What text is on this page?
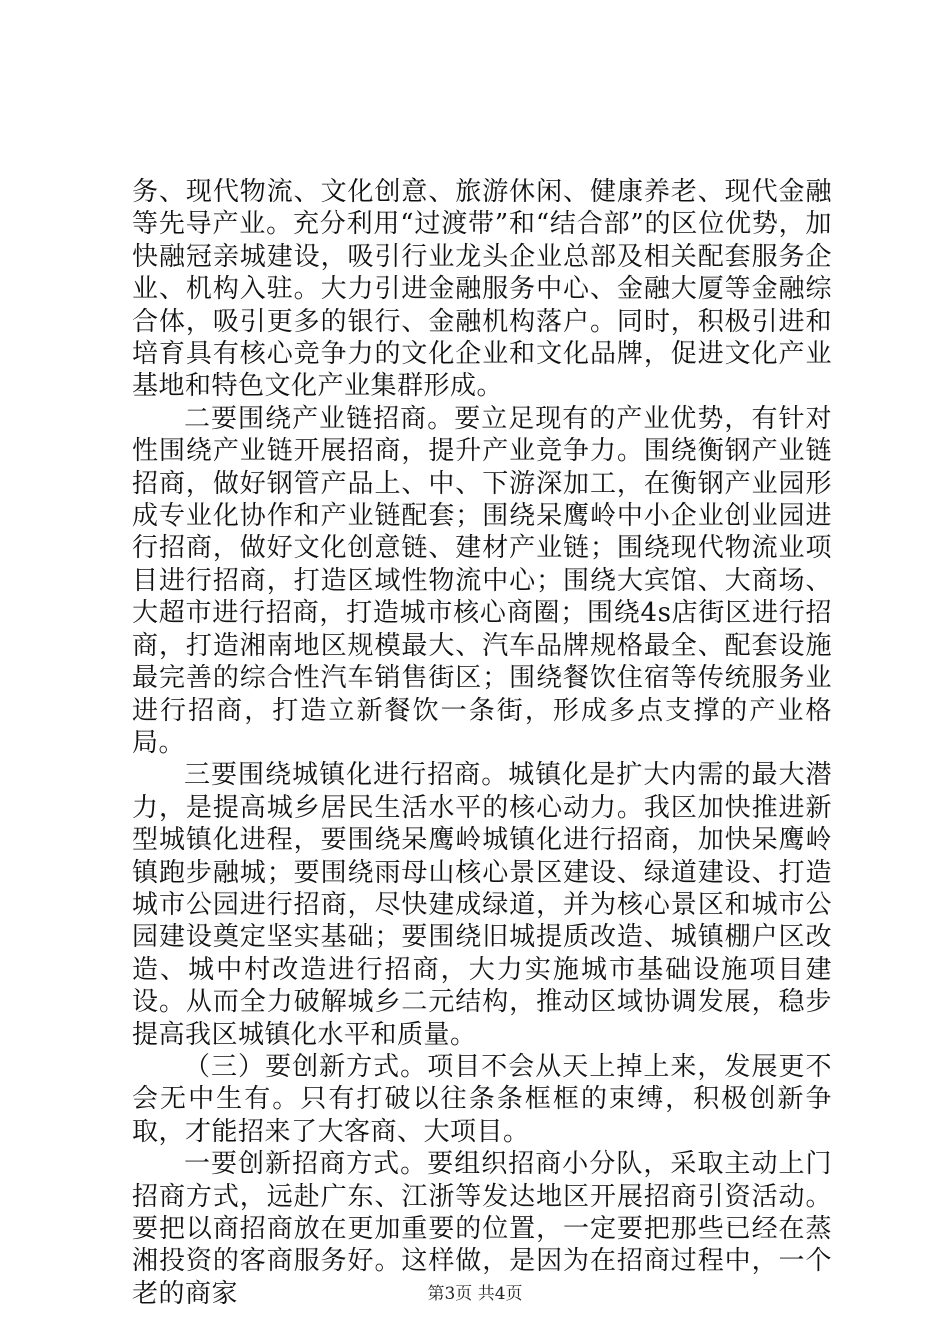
务、现代物流、文化创意、旅游休闲、健康养老、现代金融等先导产业。充分利用“过渡带”和“结合部”的区位优势，加快融冠亲城建设，吸引行业龙头企业总部及相关配套服务企业、机构入驻。大力引进金融服务中心、金融大厦等金融综合体，吸引更多的银行、金融机构落户。同时，积极引进和培育具有核心竞争力的文化企业和文化品牌，促进文化产业基地和特色文化产业集群形成。

二要围绕产业链招商。要立足现有的产业优势，有针对性围绕产业链开展招商，提升产业竞争力。围绕衡钢产业链招商，做好钢管产品上、中、下游深加工，在衡钢产业园形成专业化协作和产业链配套；围绕呆鹰岭中小企业创业园进行招商，做好文化创意链、建材产业链；围绕现代物流业项目进行招商，打造区域性物流中心；围绕大宾馆、大商场、大超市进行招商，打造城市核心商圈；围绕4s店街区进行招商，打造湘南地区规模最大、汽车品牌规格最全、配套设施最完善的综合性汽车销售街区；围绕餐饮住宿等传统服务业进行招商，打造立新餐饮一条街，形成多点支撑的产业格局。

三要围绕城镇化进行招商。城镇化是扩大内需的最大潜力，是提高城乡居民生活水平的核心动力。我区加快推进新型城镇化进程，要围绕呆鹰岭城镇化进行招商，加快呆鹰岭镇跑步融城；要围绕雨母山核心景区建设、绿道建设、打造城市公园进行招商，尽快建成绿道，并为核心景区和城市公园建设奠定坚实基础；要围绕旧城提质改造、城镇棚户区改造、城中村改造进行招商，大力实施城市基础设施项目建设。从而全力破解城乡二元结构，推动区域协调发展，稳步提高我区城镇化水平和质量。

（三）要创新方式。项目不会从天上掉上来，发展更不会无中生有。只有打破以往条条框框的束缚，积极创新争取，才能招来了大客商、大项目。

一要创新招商方式。要组织招商小分队，采取主动上门招商方式，远赴广东、江浙等发达地区开展招商引资活动。要把以商招商放在更加重要的位置，一定要把那些已经在蒸湘投资的客商服务好。这样做，是因为在招商过程中，一个老的商家	第3页 共4页
